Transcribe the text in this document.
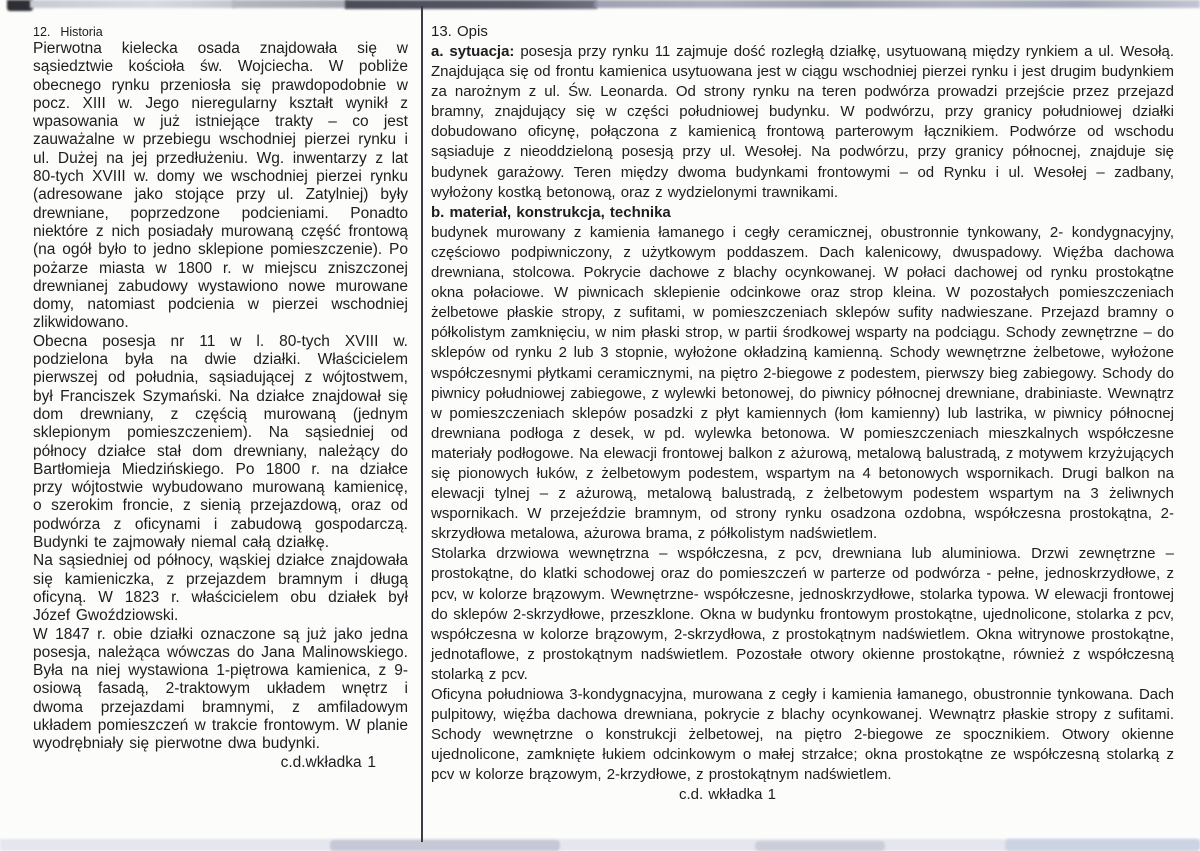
12.  Historia

Pierwotna kielecka osada znajdowała się w sąsiedztwie kościoła św. Wojciecha. W pobliże obecnego rynku przeniosła się prawdopodobnie w pocz. XIII w. Jego nieregularny kształt wynikł z wpasowania w już istniejące trakty – co jest zauważalne w przebiegu wschodniej pierzei rynku i ul. Dużej na jej przedłużeniu. Wg. inwentarzy z lat 80-tych XVIII w. domy we wschodniej pierzei rynku (adresowane jako stojące przy ul. Zatylniej) były drewniane, poprzedzone podcieniami. Ponadto niektóre z nich posiadały murowaną część frontową (na ogół było to jedno sklepione pomieszczenie). Po pożarze miasta w 1800 r. w miejscu zniszczonej drewnianej zabudowy wystawiono nowe murowane domy, natomiast podcienia w pierzei wschodniej zlikwidowano.

Obecna posesja nr 11 w l. 80-tych XVIII w. podzielona była na dwie działki. Właścicielem pierwszej od południa, sąsiadującej z wójtostwem, był Franciszek Szymański. Na działce znajdował się dom drewniany, z częścią murowaną (jednym sklepionym pomieszczeniem). Na sąsiedniej od północy działce stał dom drewniany, należący do Bartłomieja Miedzińskiego. Po 1800 r. na działce przy wójtostwie wybudowano murowaną kamienicę, o szerokim froncie, z sienią przejazdową, oraz od podwórza z oficynami i zabudową gospodarczą. Budynki te zajmowały niemal całą działkę.

Na sąsiedniej od północy, wąskiej działce znajdowała się kamieniczka, z przejazdem bramnym i długą oficyną. W 1823 r. właścicielem obu działek był Józef Gwoździowski.

W 1847 r. obie działki oznaczone są już jako jedna posesja, należąca wówczas do Jana Malinowskiego. Była na niej wystawiona 1-piętrowa kamienica, z 9-osiową fasadą, 2-traktowym układem wnętrz i dwoma przejazdami bramnymi, z amfiladowym układem pomieszczeń w trakcie frontowym. W planie wyodrębniały się pierwotne dwa budynki.

c.d.wkładka 1

13. Opis

a. sytuacja: posesja przy rynku 11 zajmuje dość rozległą działkę, usytuowaną między rynkiem a ul. Wesołą. Znajdująca się od frontu kamienica usytuowana jest w ciągu wschodniej pierzei rynku i jest drugim budynkiem za narożnym z ul. Św. Leonarda. Od strony rynku na teren podwórza prowadzi przejście przez przejazd bramny, znajdujący się w części południowej budynku. W podwórzu, przy granicy południowej działki dobudowano oficynę, połączona z kamienicą frontową parterowym łącznikiem. Podwórze od wschodu sąsiaduje z nieoddzieloną posesją przy ul. Wesołej. Na podwórzu, przy granicy północnej, znajduje się budynek garażowy. Teren między dwoma budynkami frontowymi – od Rynku i ul. Wesołej – zadbany, wyłożony kostką betonową, oraz z wydzielonymi trawnikami.

b. materiał, konstrukcja, technika

budynek murowany z kamienia łamanego i cegły ceramicznej, obustronnie tynkowany, 2- kondygnacyjny, częściowo podpiwniczony, z użytkowym poddaszem. Dach kalenicowy, dwuspadowy. Więźba dachowa drewniana, stolcowa. Pokrycie dachowe z blachy ocynkowanej. W połaci dachowej od rynku prostokątne okna połaciowe. W piwnicach sklepienie odcinkowe oraz strop kleina. W pozostałych pomieszczeniach żelbetowe płaskie stropy, z sufitami, w pomieszczeniach sklepów sufity nadwieszane. Przejazd bramny o półkolistym zamknięciu, w nim płaski strop, w partii środkowej wsparty na podciągu. Schody zewnętrzne – do sklepów od rynku 2 lub 3 stopnie, wyłożone okładziną kamienną. Schody wewnętrzne żelbetowe, wyłożone współczesnymi płytkami ceramicznymi, na piętro 2-biegowe z podestem, pierwszy bieg zabiegowy. Schody do piwnicy południowej zabiegowe, z wylewki betonowej, do piwnicy północnej drewniane, drabiniaste. Wewnątrz w pomieszczeniach sklepów posadzki z płyt kamiennych (łom kamienny) lub lastrika, w piwnicy północnej drewniana podłoga z desek, w pd. wylewka betonowa. W pomieszczeniach mieszkalnych współczesne materiały podłogowe. Na elewacji frontowej balkon z ażurową, metalową balustradą, z motywem krzyżujących się pionowych łuków, z żelbetowym podestem, wspartym na 4 betonowych wspornikach. Drugi balkon na elewacji tylnej – z ażurową, metalową balustradą, z żelbetowym podestem wspartym na 3 żeliwnych wspornikach. W przejeździe bramnym, od strony rynku osadzona ozdobna, współczesna prostokątna, 2-skrzydłowa metalowa, ażurowa brama, z półkolistym nadświetlem.

Stolarka drzwiowa wewnętrzna – współczesna, z pcv, drewniana lub aluminiowa. Drzwi zewnętrzne – prostokątne, do klatki schodowej oraz do pomieszczeń w parterze od podwórza - pełne, jednoskrzydłowe, z pcv, w kolorze brązowym. Wewnętrzne- współczesne, jednoskrzydłowe, stolarka typowa. W elewacji frontowej do sklepów 2-skrzydłowe, przeszklone. Okna w budynku frontowym prostokątne, ujednolicone, stolarka z pcv, współczesna w kolorze brązowym, 2-skrzydłowa, z prostokątnym nadświetlem. Okna witrynowe prostokątne, jednotaflowe, z prostokątnym nadświetlem. Pozostałe otwory okienne prostokątne, również z współczesną stolarką z pcv.

Oficyna południowa 3-kondygnacyjna, murowana z cegły i kamienia łamanego, obustronnie tynkowana. Dach pulpitowy, więźba dachowa drewniana, pokrycie z blachy ocynkowanej. Wewnątrz płaskie stropy z sufitami. Schody wewnętrzne o konstrukcji żelbetowej, na piętro 2-biegowe ze spocznikiem. Otwory okienne ujednolicone, zamknięte łukiem odcinkowym o małej strzałce; okna prostokątne ze współczesną stolarką z pcv w kolorze brązowym, 2-krzydłowe, z prostokątnym nadświetlem.

c.d. wkładka 1
